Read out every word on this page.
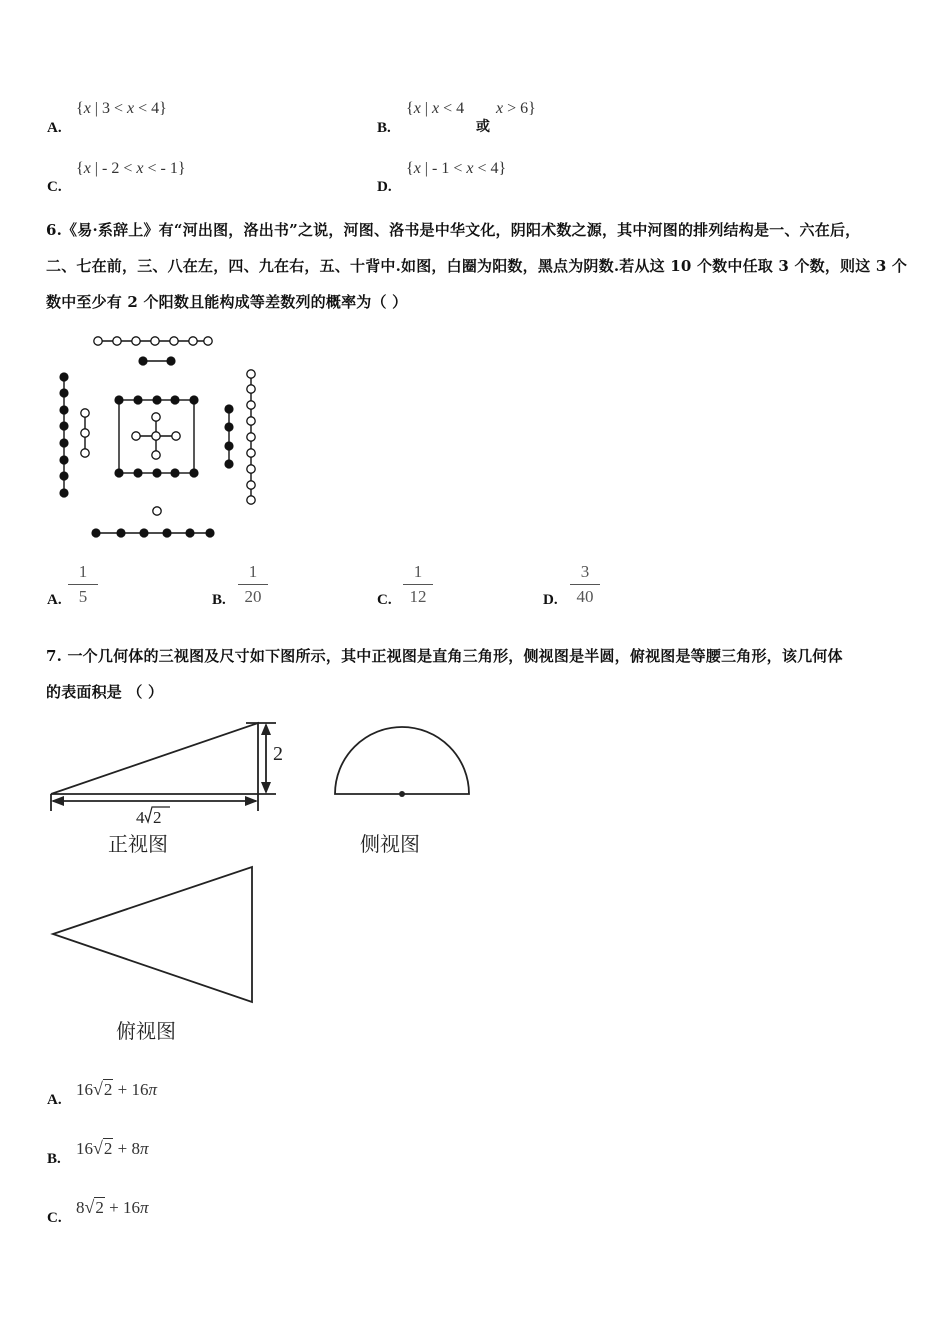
A.
{x | 3 < x < 4}
B.
{x | x < 4
或
x > 6}
C.
{x | - 2 < x < - 1}
D.
{x | - 1 < x < 4}
6.《易·系辞上》有“河出图，洛出书”之说，河图、洛书是中华文化，阴阳术数之源，其中河图的排列结构是一、六在后，
二、七在前，三、八在左，四、九在右，五、十背中.如图，白圈为阳数，黑点为阴数.若从这 10 个数中任取 3 个数，则这 3 个
数中至少有 2 个阳数且能构成等差数列的概率为（ ）
A.
1
5	B.
1
20	C.
1
12	D.
3
40
7. 一个几何体的三视图及尺寸如下图所示，其中正视图是直角三角形，侧视图是半圆，俯视图是等腰三角形，该几何体
的表面积是 （ ）
2
4 2
正视图	侧视图
俯视图
A.
16√2 + 16π
B.
16√2 + 8π
C.
8√2 + 16π
